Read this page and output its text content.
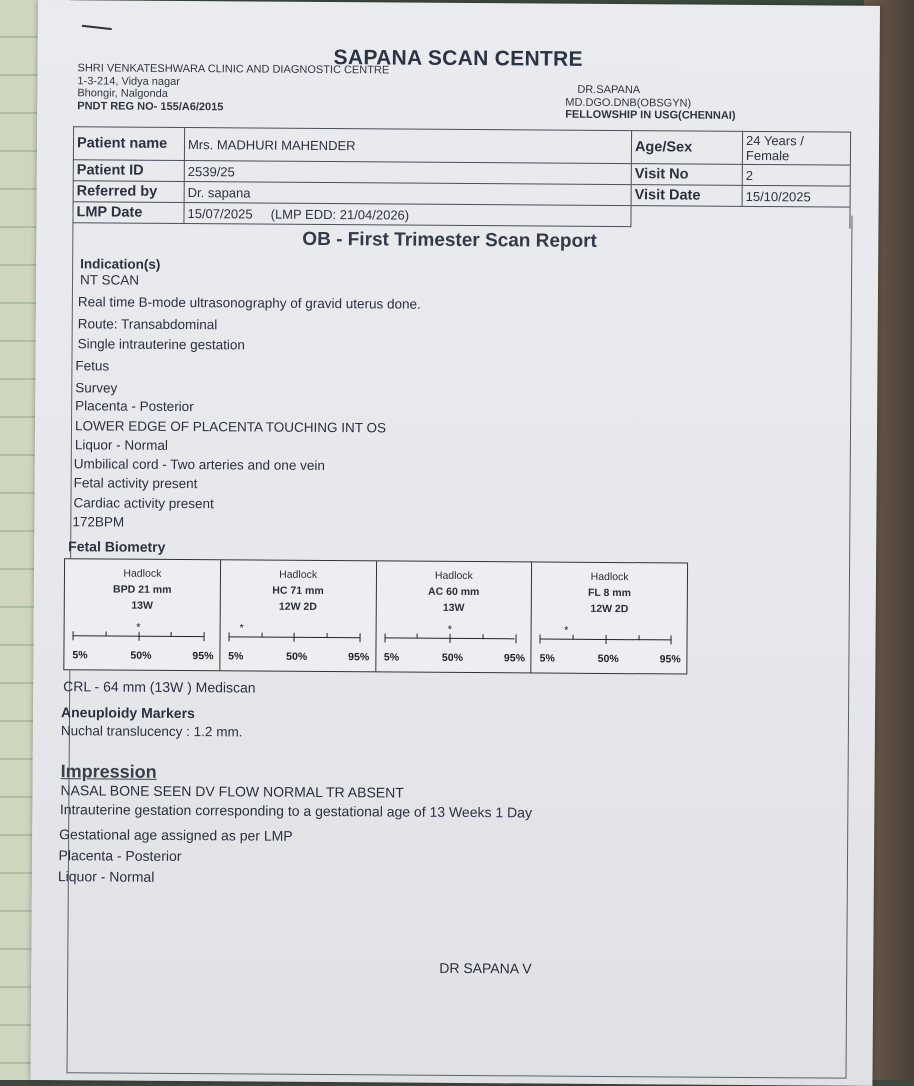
SAPANA SCAN CENTRE
SHRI VENKATESHWARA CLINIC AND DIAGNOSTIC CENTRE
1-3-214, Vidya nagar
Bhongir, Nalgonda
PNDT REG NO- 155/A6/2015
DR.SAPANA
MD.DGO.DNB(OBSGYN)
FELLOWSHIP IN USG(CHENNAI)
Patient name	Mrs. MADHURI MAHENDER	Age/Sex	24 Years / Female
Patient ID	2539/25	Visit No	2
Referred by	Dr. sapana	Visit Date	15/10/2025
LMP Date	15/07/2025 (LMP EDD: 21/04/2026)		
OB - First Trimester Scan Report
Indication(s)
NT SCAN
Real time B-mode ultrasonography of gravid uterus done.
Route: Transabdominal
Single intrauterine gestation
Fetus
Survey
Placenta - Posterior
LOWER EDGE OF PLACENTA TOUCHING INT OS
Liquor - Normal
Umbilical cord - Two arteries and one vein
Fetal activity present
Cardiac activity present
172BPM
Fetal Biometry
Hadlock
BPD 21 mm
13W
*
5%	50%	95%
Hadlock
HC 71 mm
12W 2D
*
5%	50%	95%
Hadlock
AC 60 mm
13W
*
5%	50%	95%
Hadlock
FL 8 mm
12W 2D
*
5%	50%	95%
CRL - 64 mm (13W ) Mediscan
Aneuploidy Markers
Nuchal translucency : 1.2 mm.
Impression
NASAL BONE SEEN DV FLOW NORMAL TR ABSENT
Intrauterine gestation corresponding to a gestational age of 13 Weeks 1 Day
Gestational age assigned as per LMP
Placenta - Posterior
Liquor - Normal
DR SAPANA V
